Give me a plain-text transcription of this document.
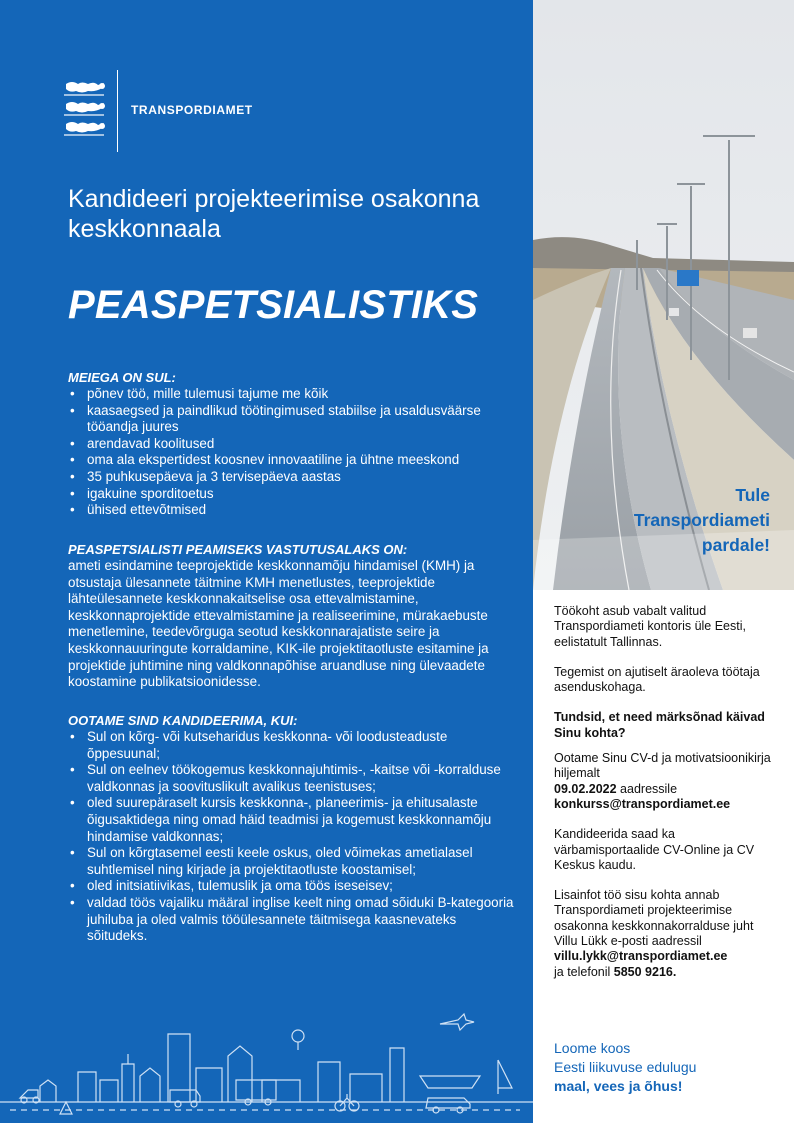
TRANSPORDIAMET
Kandideeri projekteerimise osakonna keskkonnaala
PEASPETSIALISTIKS

MEIEGA ON SUL:

• põnev töö, mille tulemusi tajume me kõik
• kaasaegsed ja paindlikud töötingimused stabiilse ja usaldusväärse tööandja juures
• arendavad koolitused
• oma ala ekspertidest koosnev innovaatiline ja ühtne meeskond
• 35 puhkusepäeva ja 3 tervisepäeva aastas
• igakuine sporditoetus
• ühised ettevõtmised

PEASPETSIALISTI PEAMISEKS VASTUTUSALAKS ON:

ameti esindamine teeprojektide keskkonnamõju hindamisel (KMH) ja otsustaja ülesannete täitmine KMH menetlustes, teeprojektide lähteülesannete keskkonnakaitselise osa ettevalmistamine, keskkonnaprojektide ettevalmistamine ja realiseerimine, mürakaebuste menetlemine, teedevõrguga seotud keskkonnarajatiste seire ja keskkonnauuringute korraldamine, KIK-ile projektitaotluste esitamine ja projektide juhtimine ning valdkonnapõhise aruandluse ning ülevaadete koostamine publikatsioonidesse.

OOTAME SIND KANDIDEERIMA, KUI:

• Sul on kõrg- või kutseharidus keskkonna- või loodusteaduste õppesuunal;
• Sul on eelnev töökogemus keskkonnajuhtimis-, -kaitse või -korralduse valdkonnas ja soovituslikult avalikus teenistuses;
• oled suurepäraselt kursis keskkonna-, planeerimis- ja ehitusalaste õigusaktidega ning omad häid teadmisi ja kogemust keskkonnamõju hindamise valdkonnas;
• Sul on kõrgtasemel eesti keele oskus, oled võimekas ametialasel suhtlemisel ning kirjade ja projektitaotluste koostamisel;
• oled initsiatiivikas, tulemuslik ja oma töös iseseisev;
• valdad töös vajaliku määral inglise keelt ning omad sõiduki B-kategooria juhiluba ja oled valmis tööülesannete täitmisega kaasnevateks sõitudeks.
Tule
Transpordiameti
pardale!

Töökoht asub vabalt valitud Transpordiameti kontoris üle Eesti, eelistatult Tallinnas.

Tegemist on ajutiselt äraoleva töötaja asenduskohaga.

Tundsid, et need märksõnad käivad Sinu kohta?

Ootame Sinu CV-d ja motivatsioonikirja hiljemalt
09.02.2022 aadressile
konkurss@transpordiamet.ee

Kandideerida saad ka värbamisportaalide CV-Online ja CV Keskus kaudu.

Lisainfot töö sisu kohta annab Transpordiameti projekteerimise osakonna keskkonnakorralduse juht Villu Lükk e-posti aadressil
villu.lykk@transpordiamet.ee
ja telefonil 5850 9216.

Loome koos
Eesti liikuvuse edulugu
maal, vees ja õhus!
